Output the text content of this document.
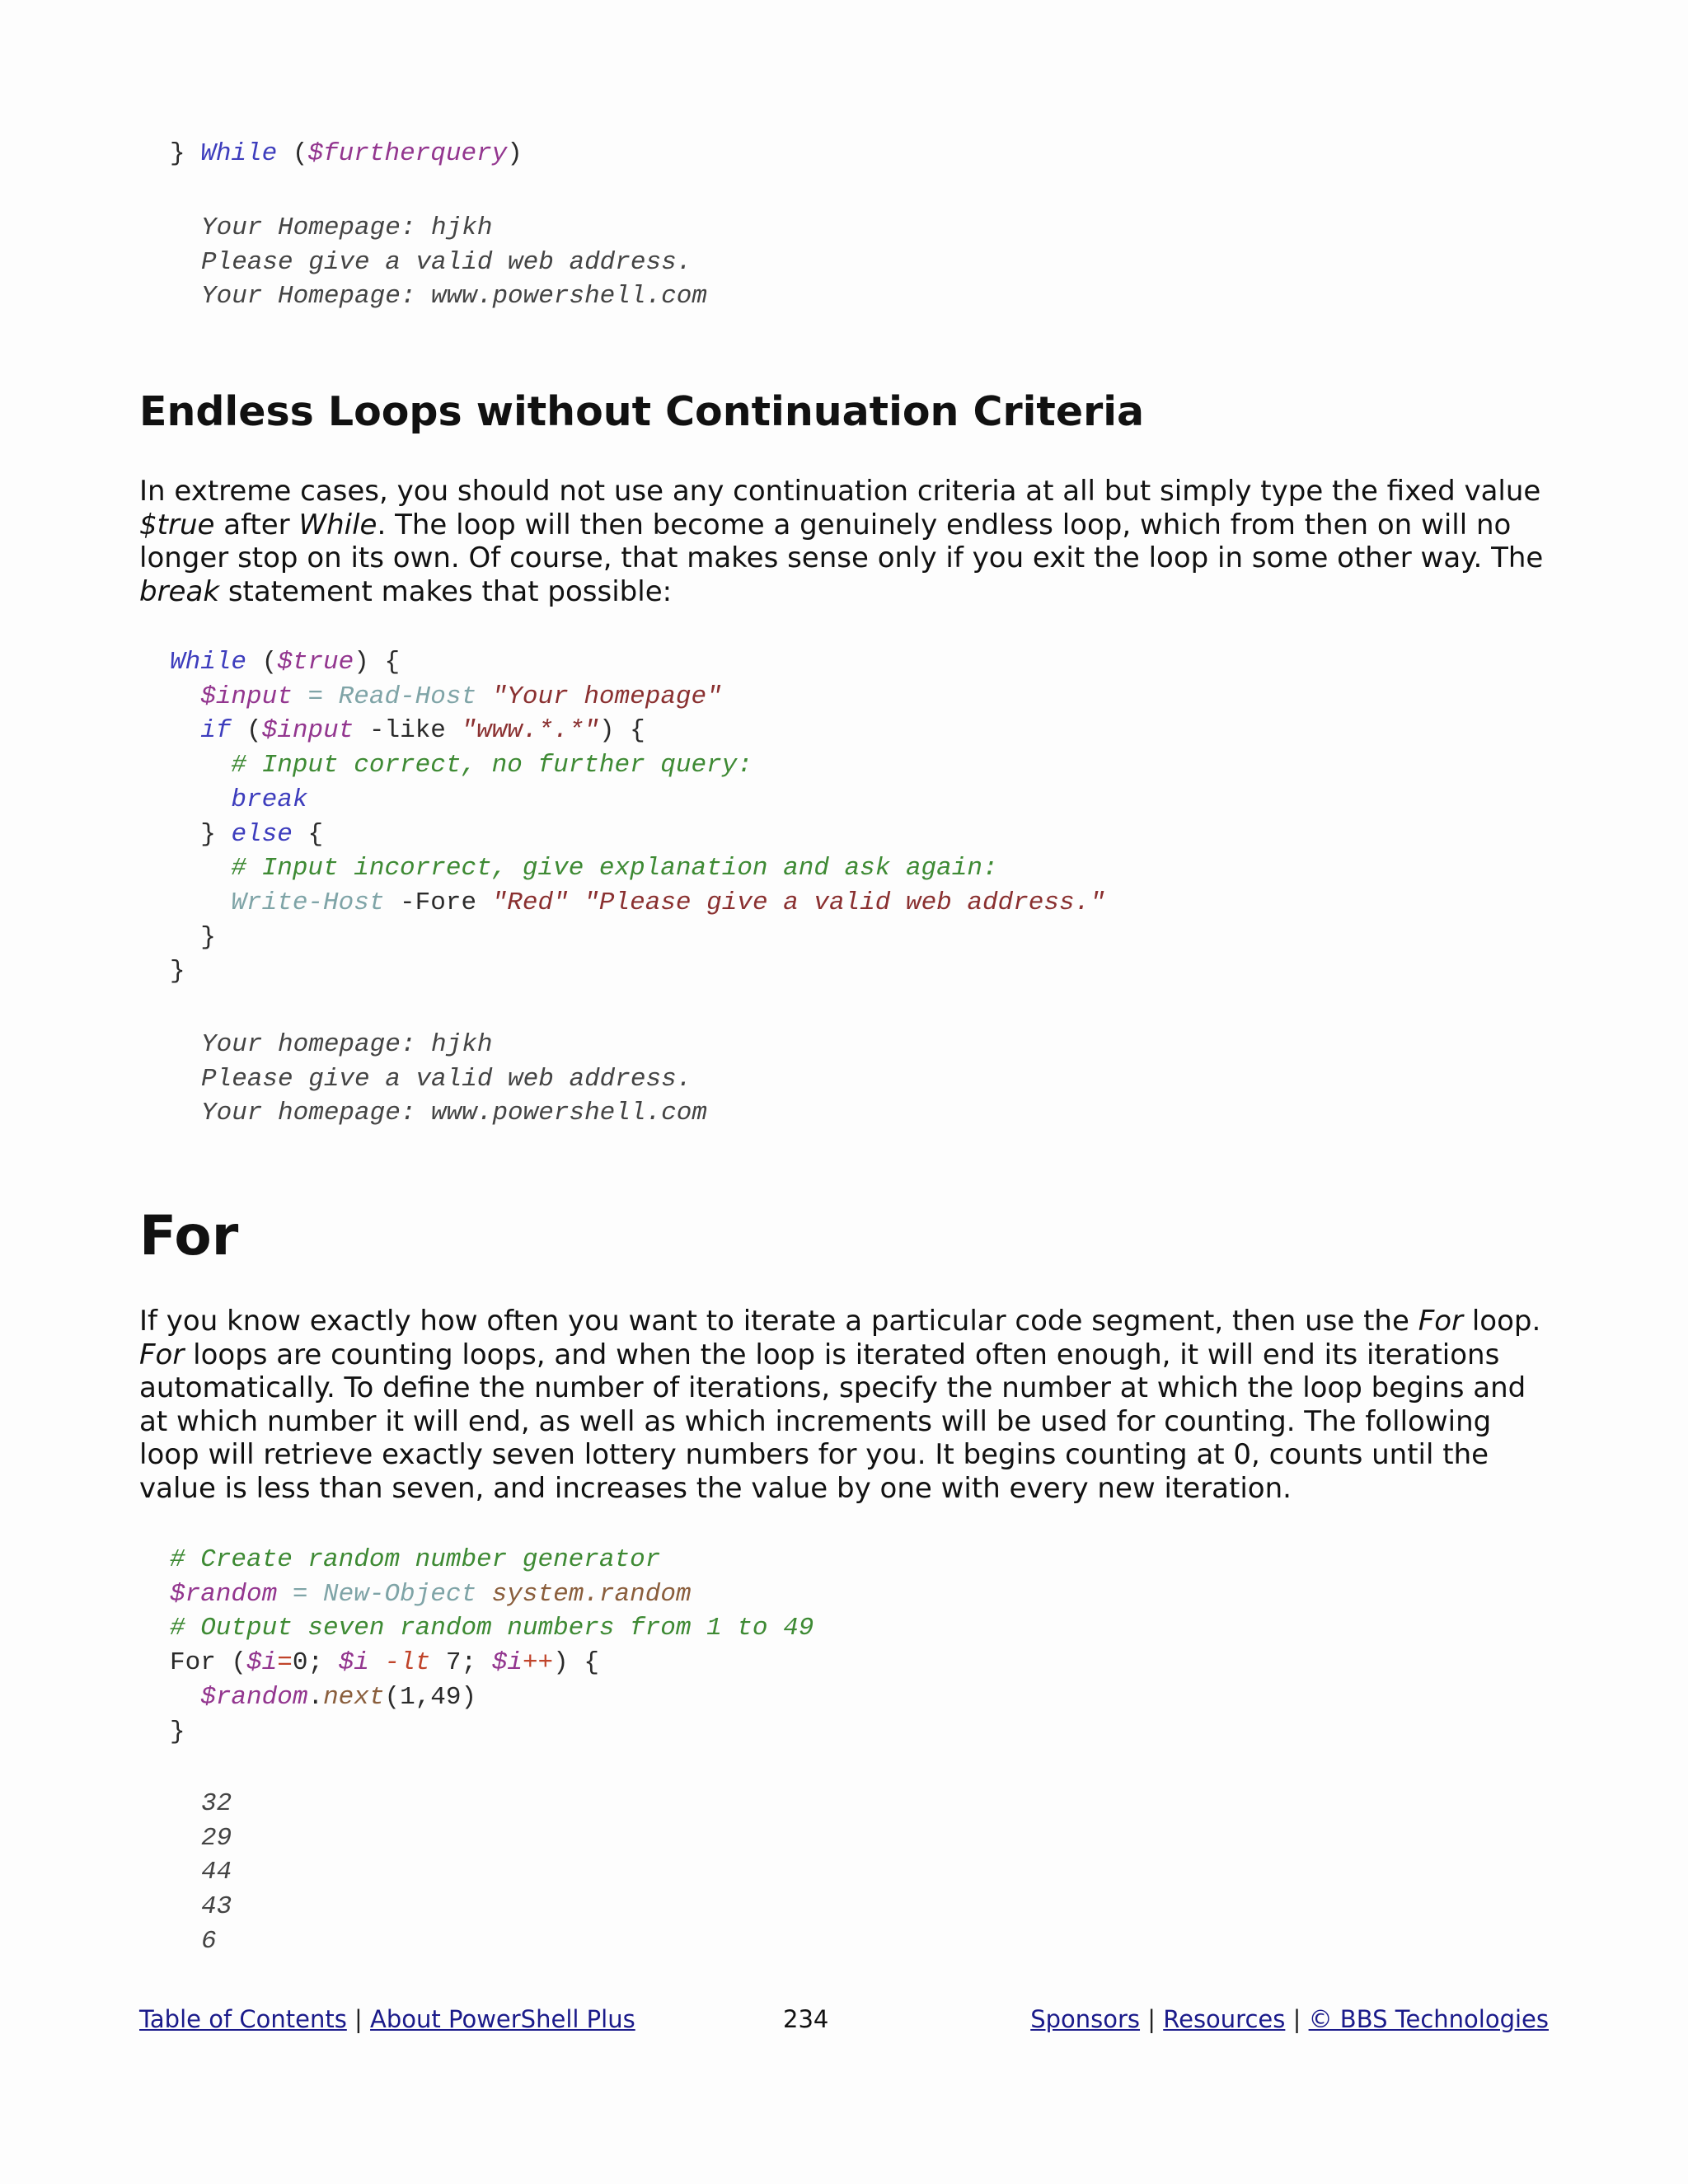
} While ($furtherquery)
Your Homepage: hjkh
Please give a valid web address.
Your Homepage: www.powershell.com
Endless Loops without Continuation Criteria

In extreme cases, you should not use any continuation criteria at all but simply type the fixed value $true after While. The loop will then become a genuinely endless loop, which from then on will no longer stop on its own. Of course, that makes sense only if you exit the loop in some other way. The break statement makes that possible:

While ($true) {
$input = Read-Host "Your homepage"
if ($input -like "www.*.*") {
# Input correct, no further query:
break
} else {
# Input incorrect, give explanation and ask again:
Write-Host -Fore "Red" "Please give a valid web address."
}
}
Your homepage: hjkh
Please give a valid web address.
Your homepage: www.powershell.com
For

If you know exactly how often you want to iterate a particular code segment, then use the For loop. For loops are counting loops, and when the loop is iterated often enough, it will end its iterations automatically. To define the number of iterations, specify the number at which the loop begins and at which number it will end, as well as which increments will be used for counting. The following loop will retrieve exactly seven lottery numbers for you. It begins counting at 0, counts until the value is less than seven, and increases the value by one with every new iteration.

# Create random number generator
$random = New-Object system.random
# Output seven random numbers from 1 to 49
For ($i=0; $i -lt 7; $i++) {
$random.next(1,49)
}
32
29
44
43
6
Table of Contents | About PowerShell Plus	234	Sponsors | Resources | © BBS Technologies
